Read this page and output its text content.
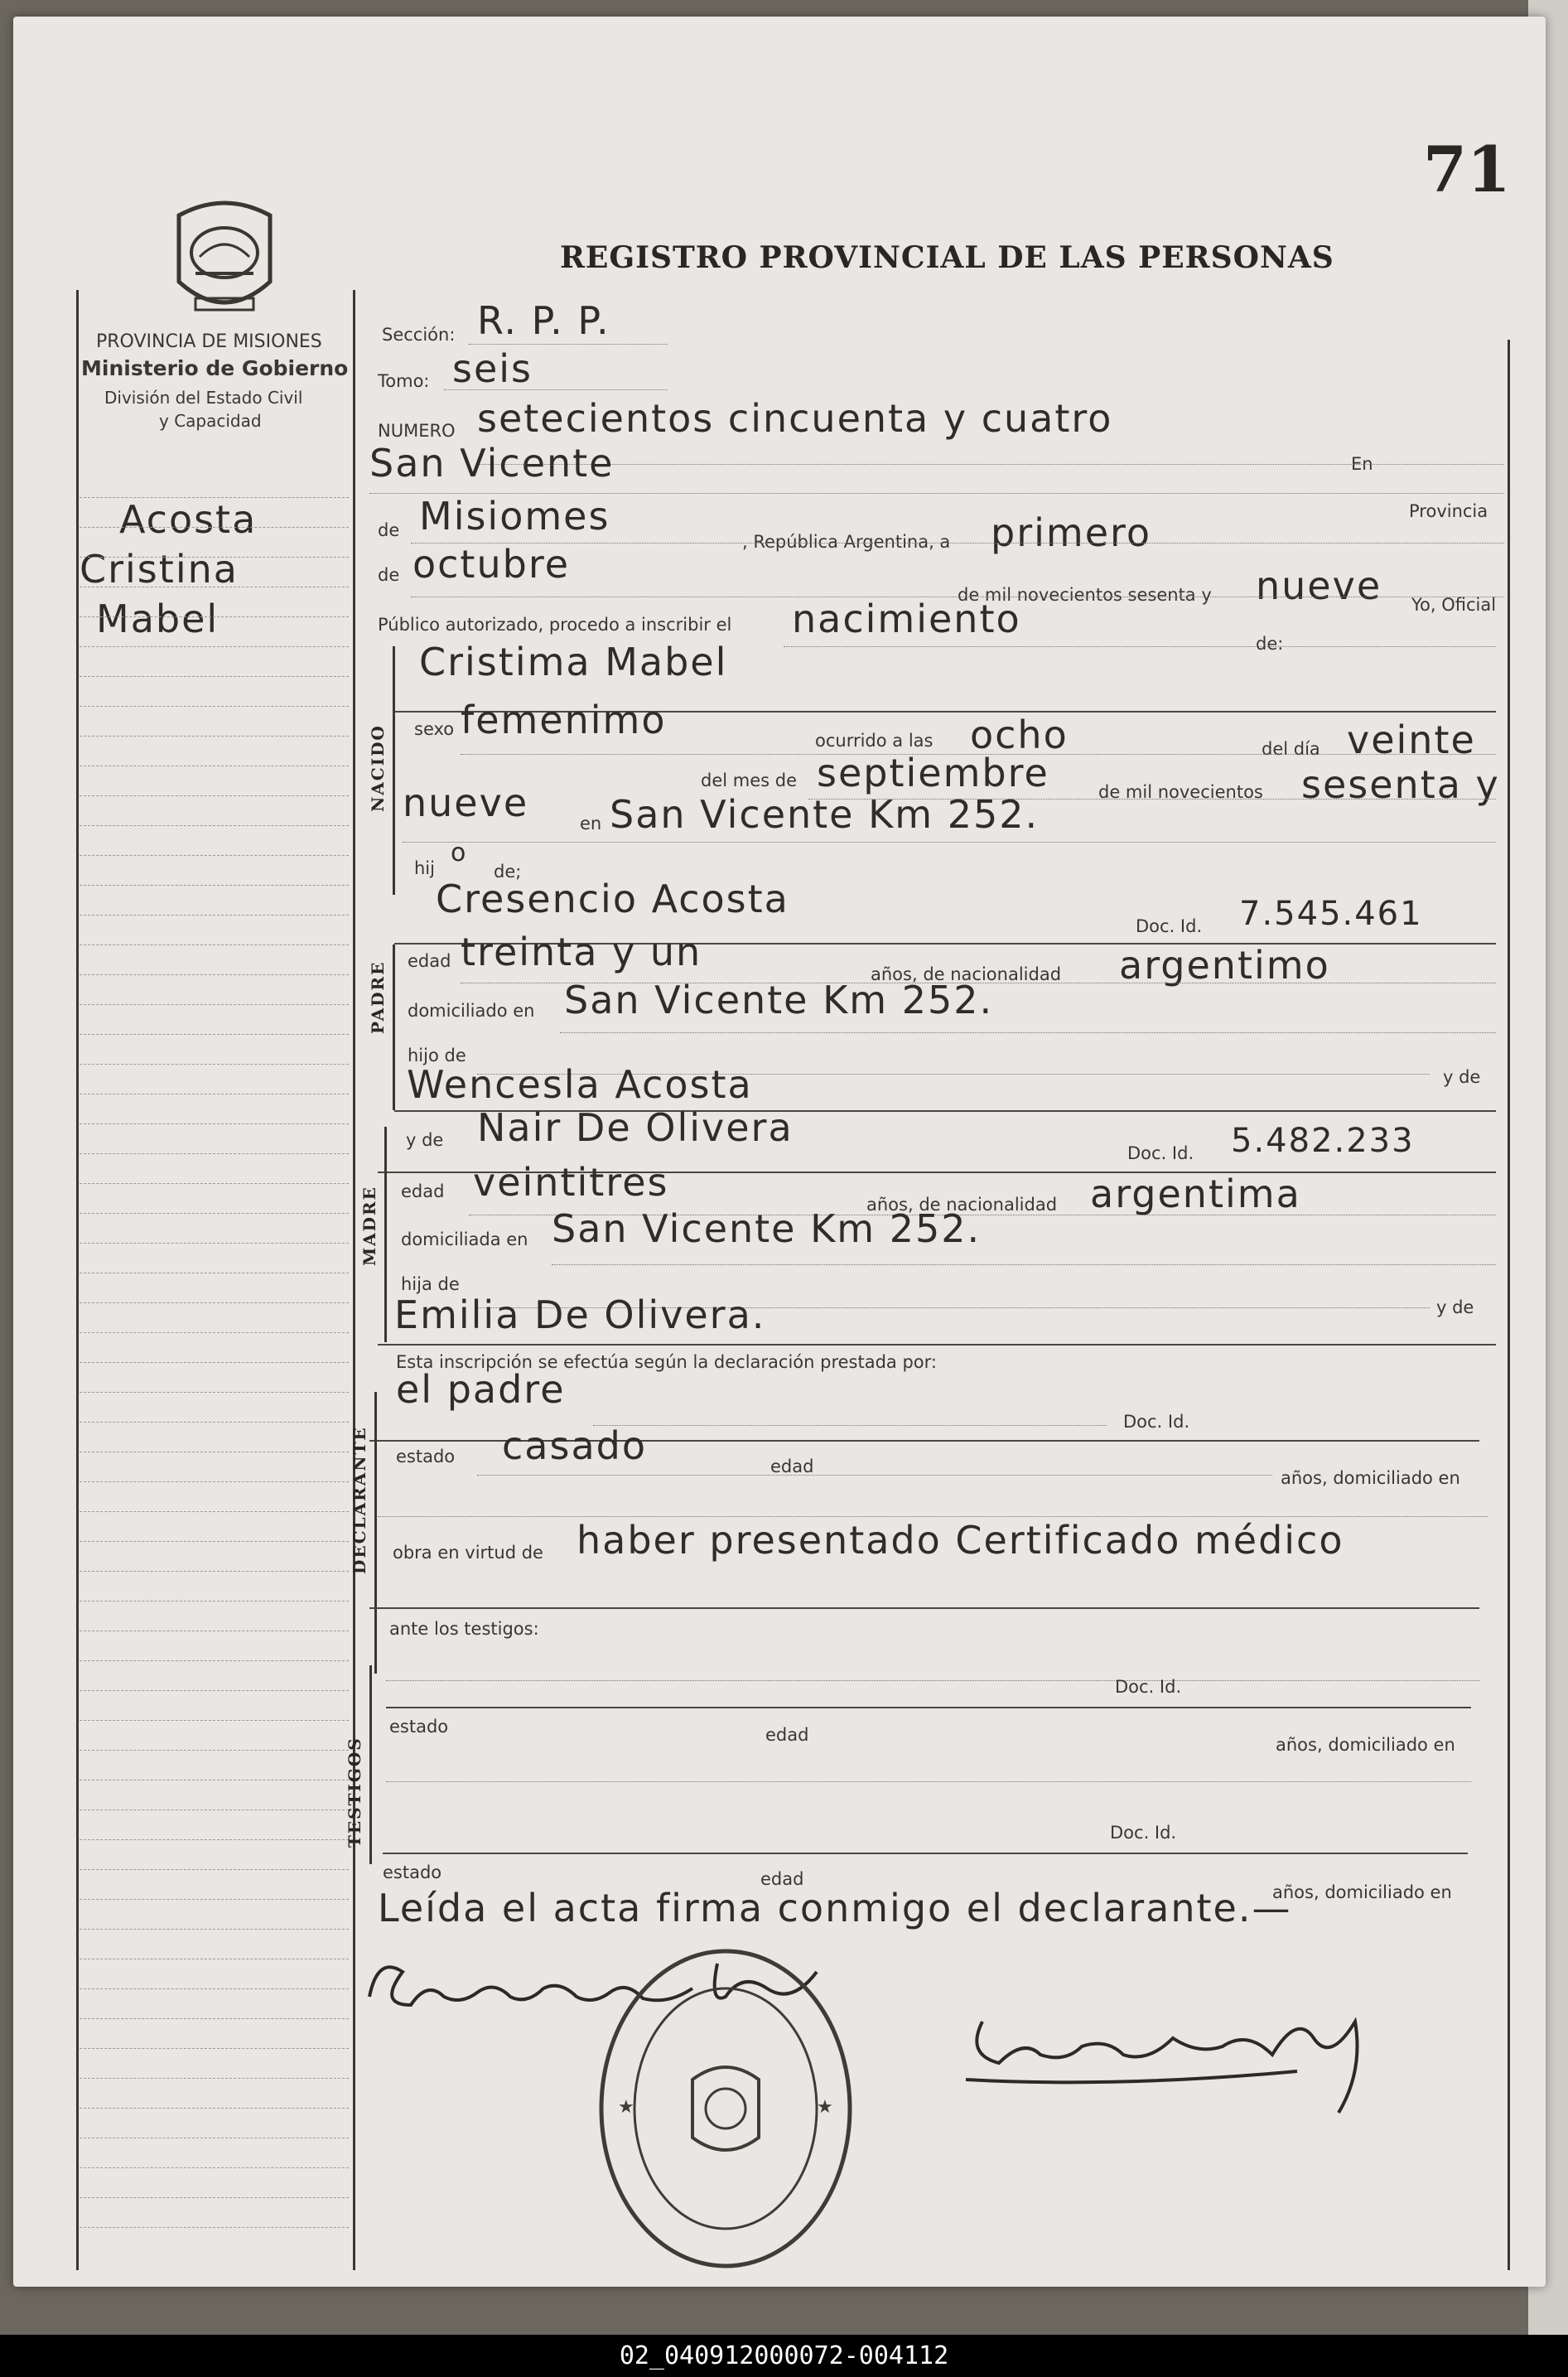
71
REGISTRO PROVINCIAL DE LAS PERSONAS
PROVINCIA DE MISIONES
Ministerio de Gobierno
División del Estado Civil
y Capacidad
Acosta
Cristina
Mabel
Sección: R. P. P.
Tomo: seis
NUMERO setecientos cincuenta y cuatro
En
San Vicente
Provincia
de Misiomes
, República Argentina, a primero
de octubre
de mil novecientos sesenta y nueve Yo, Oficial
Público autorizado, procedo a inscribir el nacimiento
de:
NACIDO
Cristima Mabel
sexo femenimo	ocurrido a las ocho	del día veinte
del mes de septiembre	de mil novecientos sesenta y
nueve	en San Vicente Km 252.
hij
o
de;
Cresencio Acosta
Doc. Id. 7.545.461
PADRE edad treinta y un	años, de nacionalidad argentimo
domiciliado en San Vicente Km 252.
hijo de
y de
Wencesla Acosta
y de Nair De Olivera
Doc. Id. 5.482.233
MADRE edad veintitres	años, de nacionalidad argentima
domiciliada en San Vicente Km 252.
hija de
y de
Emilia De Olivera.
Esta inscripción se efectúa según la declaración prestada por:
el padre
Doc. Id.
DECLARANTE estado casado	edad
años, domiciliado en
obra en virtud de haber presentado Certificado médico
ante los testigos:
TESTIGOS
Doc. Id.
estado	edad	años, domiciliado en
Doc. Id.
estado	edad
años, domiciliado en
Leída el acta firma conmigo el declarante.—
★	★
02_040912000072-004112
